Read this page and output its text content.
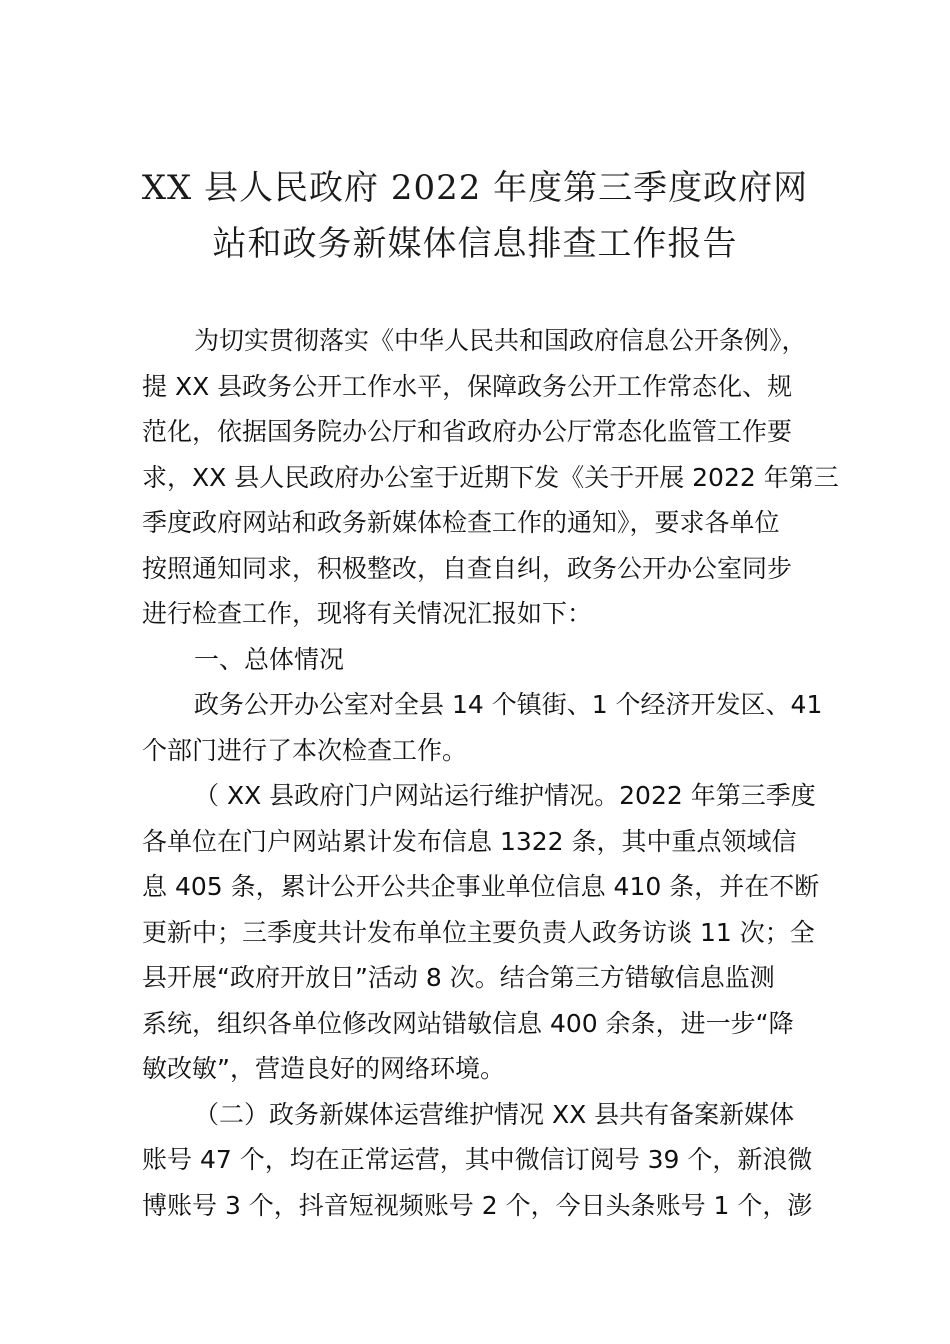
XX 县人民政府 2022 年度第三季度政府网
站和政务新媒体信息排查工作报告

为切实贯彻落实《中华人民共和国政府信息公开条例》，
提 XX 县政务公开工作水平，保障政务公开工作常态化、规
范化，依据国务院办公厅和省政府办公厅常态化监管工作要
求，XX 县人民政府办公室于近期下发《关于开展 2022 年第三
季度政府网站和政务新媒体检查工作的通知》，要求各单位
按照通知同求，积极整改，自查自纠，政务公开办公室同步
进行检查工作，现将有关情况汇报如下：

一、总体情况

政务公开办公室对全县 14 个镇街、1 个经济开发区、41
个部门进行了本次检查工作。

（ XX 县政府门户网站运行维护情况。2022 年第三季度
各单位在门户网站累计发布信息 1322 条，其中重点领域信
息 405 条，累计公开公共企事业单位信息 410 条，并在不断
更新中；三季度共计发布单位主要负责人政务访谈 11 次；全
县开展“政府开放日”活动 8 次。结合第三方错敏信息监测
系统，组织各单位修改网站错敏信息 400 余条，进一步“降
敏改敏”，营造良好的网络环境。

（二）政务新媒体运营维护情况 XX 县共有备案新媒体
账号 47 个，均在正常运营，其中微信订阅号 39 个，新浪微
博账号 3 个，抖音短视频账号 2 个，今日头条账号 1 个，澎
